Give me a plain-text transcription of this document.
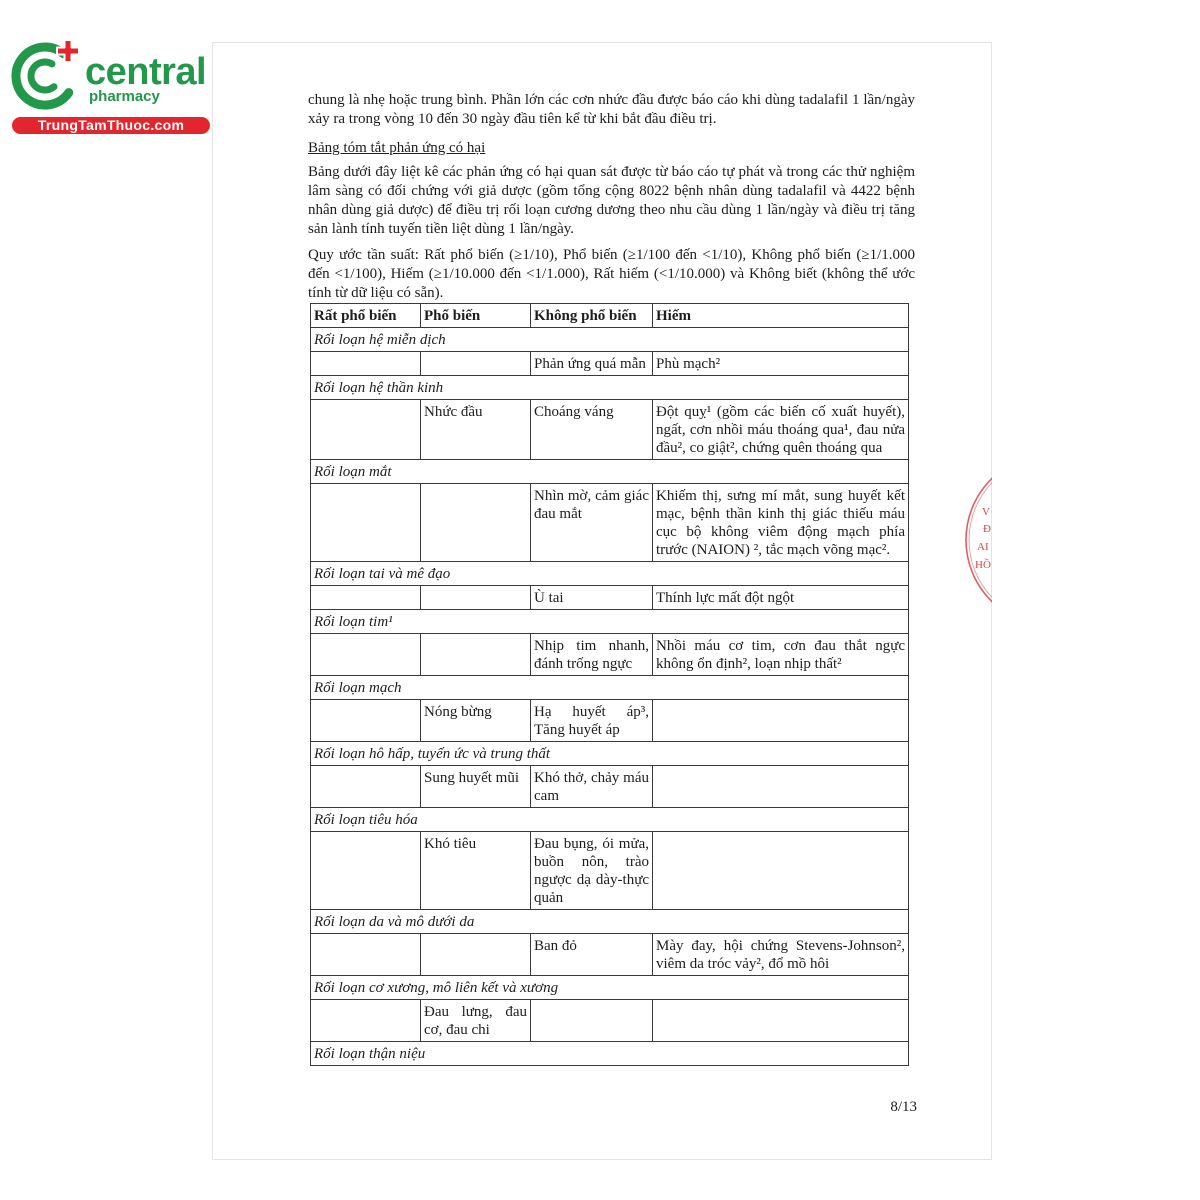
central
pharmacy
TrungTamThuoc.com
V
Đ
AI
HỒ

chung là nhẹ hoặc trung bình. Phần lớn các cơn nhức đầu được báo cáo khi dùng tadalafil 1 lần/ngày xảy ra trong vòng 10 đến 30 ngày đầu tiên kể từ khi bắt đầu điều trị.

Bảng tóm tắt phản ứng có hại

Bảng dưới đây liệt kê các phản ứng có hại quan sát được từ báo cáo tự phát và trong các thử nghiệm lâm sàng có đối chứng với giả dược (gồm tổng cộng 8022 bệnh nhân dùng tadalafil và 4422 bệnh nhân dùng giả dược) để điều trị rối loạn cương dương theo nhu cầu dùng 1 lần/ngày và điều trị tăng sản lành tính tuyến tiền liệt dùng 1 lần/ngày.

Quy ước tần suất: Rất phổ biến (≥1/10), Phổ biến (≥1/100 đến <1/10), Không phổ biến (≥1/1.000 đến <1/100), Hiếm (≥1/10.000 đến <1/1.000), Rất hiếm (<1/10.000) và Không biết (không thể ước tính từ dữ liệu có sẵn).

Rất phổ biến	Phổ biến	Không phổ biến	Hiếm
Rối loạn hệ miễn dịch			
		Phản ứng quá mẫn	Phù mạch²
Rối loạn hệ thần kinh			
	Nhức đầu	Choáng váng	Đột quỵ¹ (gồm các biến cố xuất huyết), ngất, cơn nhồi máu thoáng qua¹, đau nửa đầu², co giật², chứng quên thoáng qua
Rối loạn mắt			
		Nhìn mờ, cảm giác đau mắt	Khiếm thị, sưng mí mắt, sung huyết kết mạc, bệnh thần kinh thị giác thiếu máu cục bộ không viêm động mạch phía trước (NAION) ², tắc mạch võng mạc².
Rối loạn tai và mê đạo			
		Ù tai	Thính lực mất đột ngột
Rối loạn tim¹			
		Nhịp tim nhanh, đánh trống ngực	Nhồi máu cơ tim, cơn đau thắt ngực không ổn định², loạn nhịp thất²
Rối loạn mạch			
	Nóng bừng	Hạ huyết áp³, Tăng huyết áp	
Rối loạn hô hấp, tuyến ức và trung thất			
	Sung huyết mũi	Khó thở, chảy máu cam	
Rối loạn tiêu hóa			
	Khó tiêu	Đau bụng, ói mửa, buồn nôn, trào ngược dạ dày-thực quản	
Rối loạn da và mô dưới da			
		Ban đỏ	Mày đay, hội chứng Stevens-Johnson², viêm da tróc vảy², đổ mồ hôi
Rối loạn cơ xương, mô liên kết và xương			
	Đau lưng, đau cơ, đau chi		
Rối loạn thận niệu			
8/13
